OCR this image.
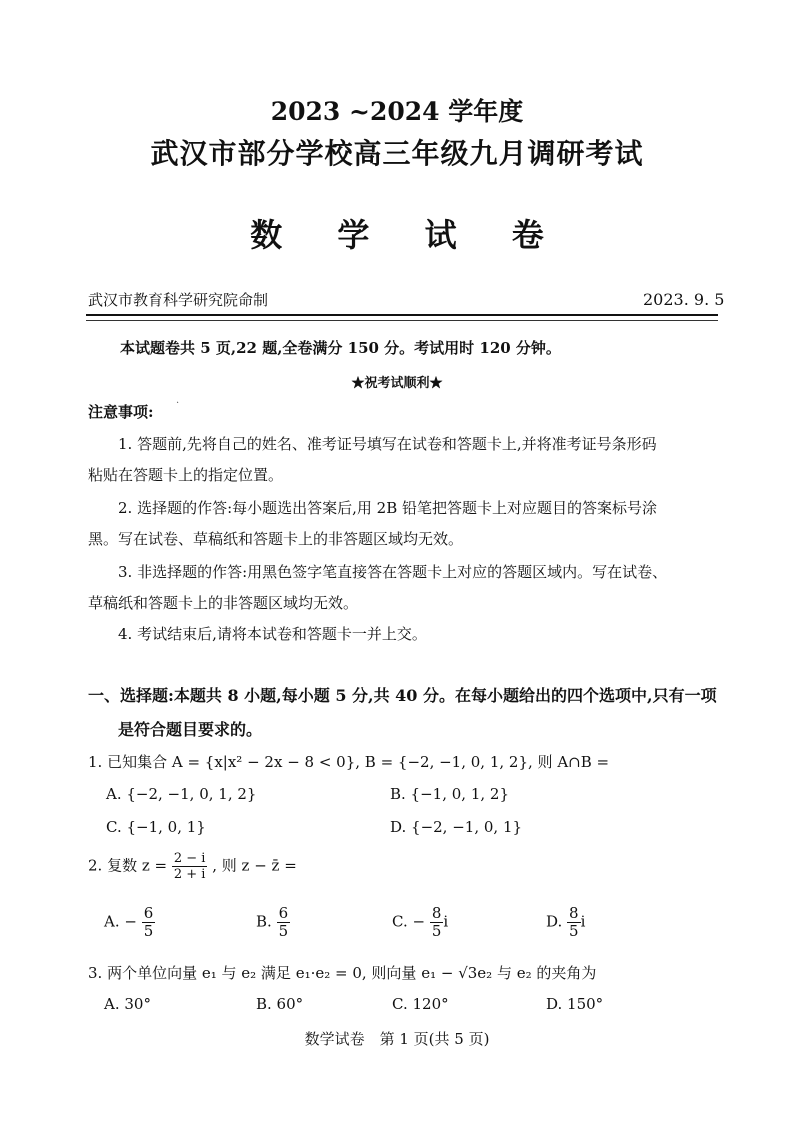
2023 ~2024 学年度
武汉市部分学校高三年级九月调研考试
数 学 试 卷
武汉市教育科学研究院命制	2023. 9. 5
本试题卷共 5 页,22 题,全卷满分 150 分。考试用时 120 分钟。
★祝考试顺利★
注意事项: ·
1. 答题前,先将自己的姓名、准考证号填写在试卷和答题卡上,并将准考证号条形码
粘贴在答题卡上的指定位置。
2. 选择题的作答:每小题选出答案后,用 2B 铅笔把答题卡上对应题目的答案标号涂
黑。写在试卷、草稿纸和答题卡上的非答题区域均无效。
3. 非选择题的作答:用黑色签字笔直接答在答题卡上对应的答题区域内。写在试卷、
草稿纸和答题卡上的非答题区域均无效。
4. 考试结束后,请将本试卷和答题卡一并上交。
一、选择题:本题共 8 小题,每小题 5 分,共 40 分。在每小题给出的四个选项中,只有一项
是符合题目要求的。
1. 已知集合 A = {x|x² − 2x − 8 < 0}, B = {−2, −1, 0, 1, 2}, 则 A∩B =
A. {−2, −1, 0, 1, 2}	B. {−1, 0, 1, 2}
C. {−1, 0, 1}	D. {−2, −1, 0, 1}
2. 复数 $z = \frac{2 - i}{2 + i}$ , 则 z − z̄ =
A. − $\frac{6}{5}$	B. $\frac{6}{5}$	C. − $\frac{8}{5}$ i	D. $\frac{8}{5}$ i
3. 两个单位向量 e₁ 与 e₂ 满足 e₁·e₂ = 0, 则向量 e₁ − √3e₂ 与 e₂ 的夹角为
A. 30°	B. 60°	C. 120°	D. 150°
数学试卷　第 1 页(共 5 页)
